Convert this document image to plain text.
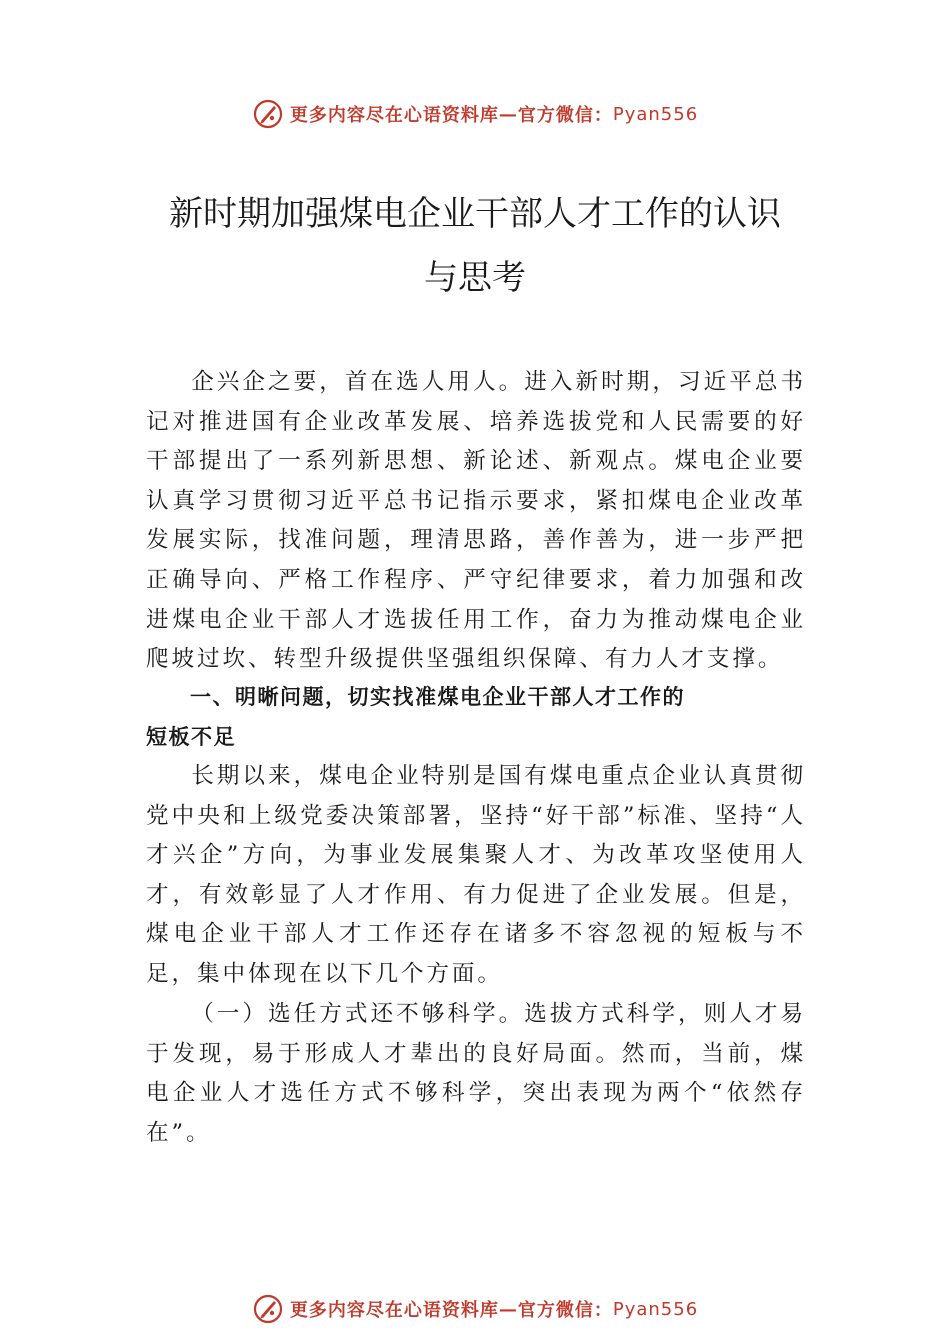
更多内容尽在心语资料库 — 官方微信： Pyan556
新时期加强煤电企业干部人才工作的认识
与思考

企兴企之要，首在选人用人。进入新时期，习近平总书记对推进国有企业改革发展、培养选拔党和人民需要的好干部提出了一系列新思想、新论述、新观点。煤电企业要认真学习贯彻习近平总书记指示要求，紧扣煤电企业改革发展实际，找准问题，理清思路，善作善为，进一步严把正确导向、严格工作程序、严守纪律要求，着力加强和改进煤电企业干部人才选拔任用工作，奋力为推动煤电企业爬坡过坎、转型升级提供坚强组织保障、有力人才支撑。

一、明晰问题，切实找准煤电企业干部人才工作的
短板不足

长期以来，煤电企业特别是国有煤电重点企业认真贯彻党中央和上级党委决策部署，坚持“好干部”标准、坚持“人才兴企”方向，为事业发展集聚人才、为改革攻坚使用人才，有效彰显了人才作用、有力促进了企业发展。但是，煤电企业干部人才工作还存在诸多不容忽视的短板与不足，集中体现在以下几个方面。

（一）选任方式还不够科学。选拔方式科学，则人才易于发现，易于形成人才辈出的良好局面。然而，当前，煤电企业人才选任方式不够科学，突出表现为两个“依然存在”。

更多内容尽在心语资料库 — 官方微信： Pyan556
